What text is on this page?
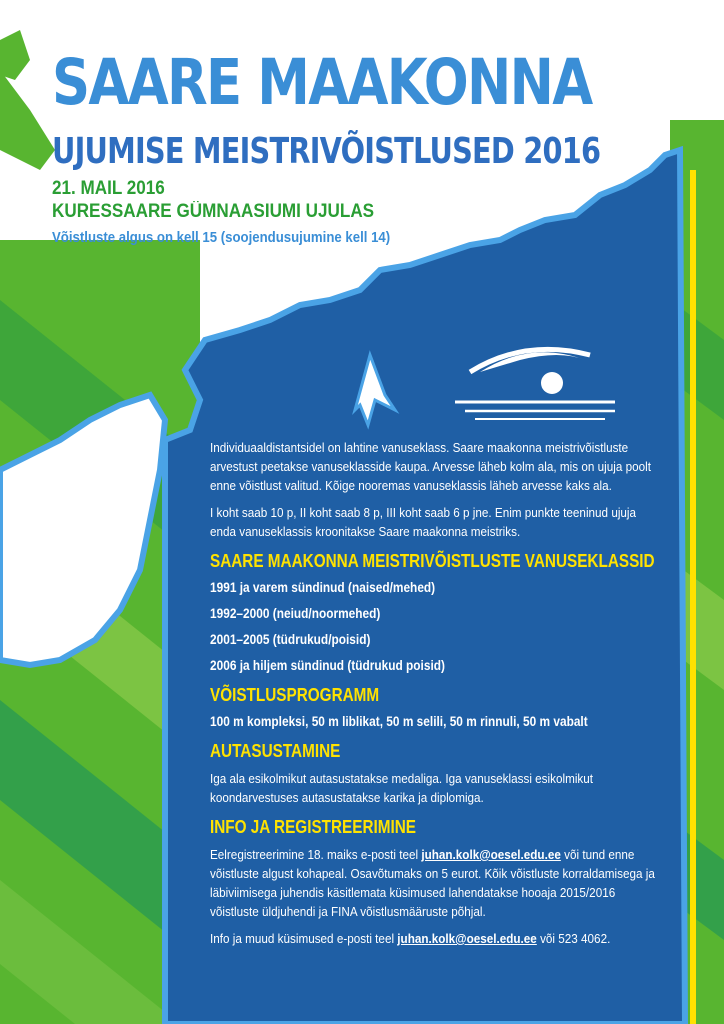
SAARE MAAKONNA
UJUMISE MEISTRIVÕISTLUSED 2016
21. MAIL 2016
KURESSAARE GÜMNAASIUMI UJULAS
Võistluste algus on kell 15 (soojendusujumine kell 14)

Individuaaldistantsidel on lahtine vanuseklass. Saare maakonna meistrivõistluste arvestust peetakse vanuseklasside kaupa. Arvesse läheb kolm ala, mis on ujuja poolt enne võistlust valitud. Kõige nooremas vanuseklassis läheb arvesse kaks ala.

I koht saab 10 p, II koht saab 8 p, III koht saab 6 p jne. Enim punkte teeninud ujuja enda vanuseklassis kroonitakse Saare maakonna meistriks.

SAARE MAAKONNA MEISTRIVÕISTLUSTE VANUSEKLASSID
1991 ja varem sündinud (naised/mehed)
1992–2000 (neiud/noormehed)
2001–2005 (tüdrukud/poisid)
2006 ja hiljem sündinud (tüdrukud poisid)
VÕISTLUSPROGRAMM
100 m kompleksi, 50 m liblikat, 50 m selili, 50 m rinnuli, 50 m vabalt
AUTASUSTAMINE

Iga ala esikolmikut autasustatakse medaliga. Iga vanuseklassi esikolmikut koondarvestuses autasustatakse karika ja diplomiga.

INFO JA REGISTREERIMINE

Eelregistreerimine 18. maiks e-posti teel juhan.kolk@oesel.edu.ee või tund enne võistluste algust kohapeal. Osavõtumaks on 5 eurot. Kõik võistluste korraldamisega ja läbiviimisega juhendis käsitlemata küsimused lahendatakse hooaja 2015/2016 võistluste üldjuhendi ja FINA võistlusmääruste põhjal.

Info ja muud küsimused e-posti teel juhan.kolk@oesel.edu.ee või 523 4062.
